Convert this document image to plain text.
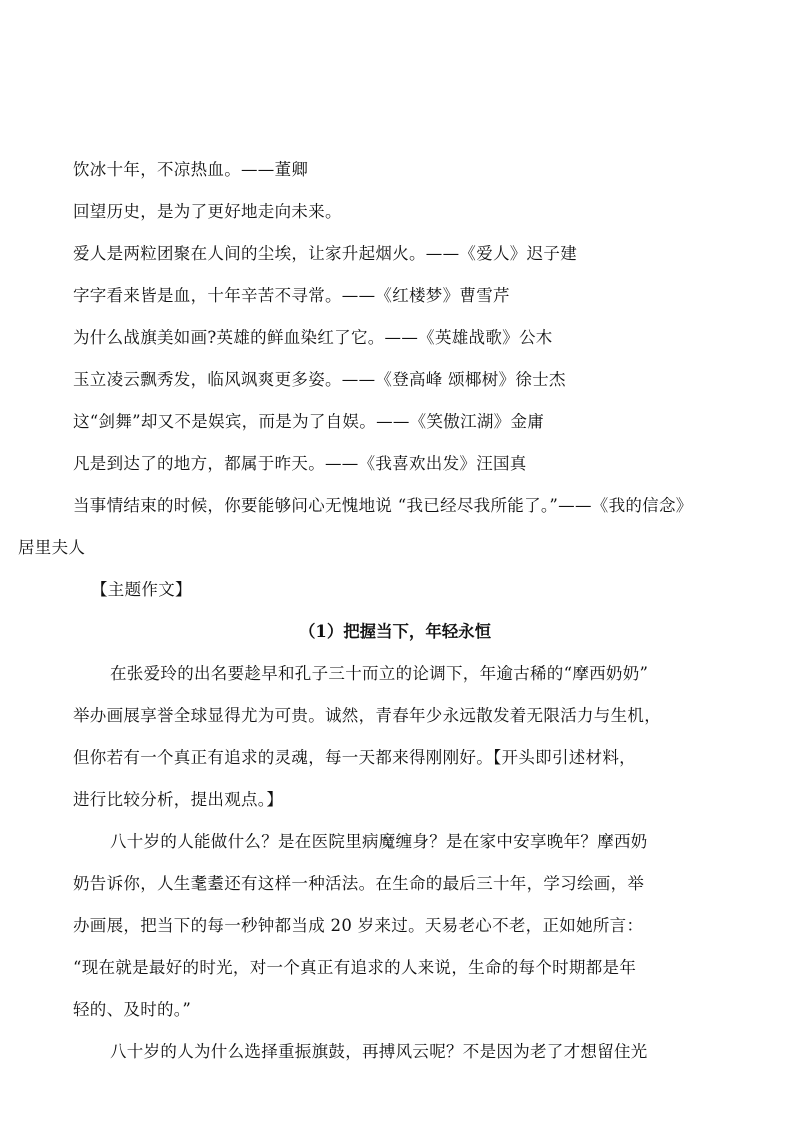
饮冰十年，不凉热血。——董卿
回望历史，是为了更好地走向未来。
爱人是两粒团聚在人间的尘埃，让家升起烟火。——《爱人》迟子建
字字看来皆是血，十年辛苦不寻常。——《红楼梦》曹雪芹
为什么战旗美如画?英雄的鲜血染红了它。——《英雄战歌》公木
玉立凌云飘秀发，临风飒爽更多姿。——《登高峰 颂椰树》徐士杰
这“剑舞”却又不是娱宾，而是为了自娱。——《笑傲江湖》金庸
凡是到达了的地方，都属于昨天。——《我喜欢出发》汪国真
当事情结束的时候，你要能够问心无愧地说 “我已经尽我所能了。”——《我的信念》
居里夫人
【主题作文】
（1）把握当下，年轻永恒
在张爱玲的出名要趁早和孔子三十而立的论调下，年逾古稀的“摩西奶奶”
举办画展享誉全球显得尤为可贵。诚然，青春年少永远散发着无限活力与生机，
但你若有一个真正有追求的灵魂，每一天都来得刚刚好。【开头即引述材料，
进行比较分析，提出观点。】
八十岁的人能做什么？是在医院里病魔缠身？是在家中安享晚年？摩西奶
奶告诉你，人生耄耋还有这样一种活法。在生命的最后三十年，学习绘画，举
办画展，把当下的每一秒钟都当成 20 岁来过。天易老心不老，正如她所言：
“现在就是最好的时光，对一个真正有追求的人来说，生命的每个时期都是年
轻的、及时的。”
八十岁的人为什么选择重振旗鼓，再搏风云呢？不是因为老了才想留住光
